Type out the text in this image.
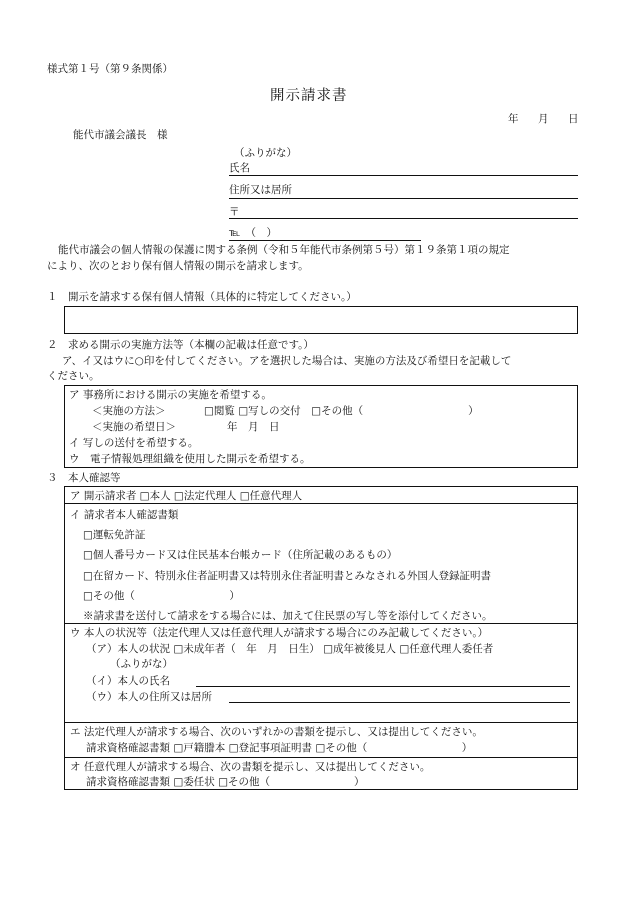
様式第１号（第９条関係）
開示請求書
年 月 日
能代市議会議長　様
（ふりがな）
氏名
住所又は居所
〒
℡　（　）
能代市議会の個人情報の保護に関する条例（令和５年能代市条例第５号）第１９条第１項の規定
により、次のとおり保有個人情報の開示を請求します。
１　開示を請求する保有個人情報（具体的に特定してください。）
２　求める開示の実施方法等（本欄の記載は任意です。）
ア、イ又はウに○印を付してください。アを選択した場合は、実施の方法及び希望日を記載して
ください。
ア 事務所における開示の実施を希望する。
＜実施の方法＞	□閲覧 □写しの交付　□その他（　　　　　　　　　　）
＜実施の希望日＞	年　月　日
イ 写しの送付を希望する。
ウ　電子情報処理組織を使用した開示を希望する。
３　本人確認等
ア 開示請求者 □本人 □法定代理人 □任意代理人
イ 請求者本人確認書類
□運転免許証
□個人番号カード又は住民基本台帳カード（住所記載のあるもの）
□在留カード、特別永住者証明書又は特別永住者証明書とみなされる外国人登録証明書
□その他（　　　　　　　　　）
※請求書を送付して請求をする場合には、加えて住民票の写し等を添付してください。
ウ 本人の状況等（法定代理人又は任意代理人が請求する場合にのみ記載してください。）
（ア）本人の状況 □未成年者（　年　月　日生） □成年被後見人 □任意代理人委任者
（ふりがな）
（イ）本人の氏名
（ウ）本人の住所又は居所
エ 法定代理人が請求する場合、次のいずれかの書類を提示し、又は提出してください。
請求資格確認書類 □戸籍謄本 □登記事項証明書 □その他（　　　　　　　　　）
オ 任意代理人が請求する場合、次の書類を提示し、又は提出してください。
請求資格確認書類 □委任状 □その他（　　　　　　　　）
